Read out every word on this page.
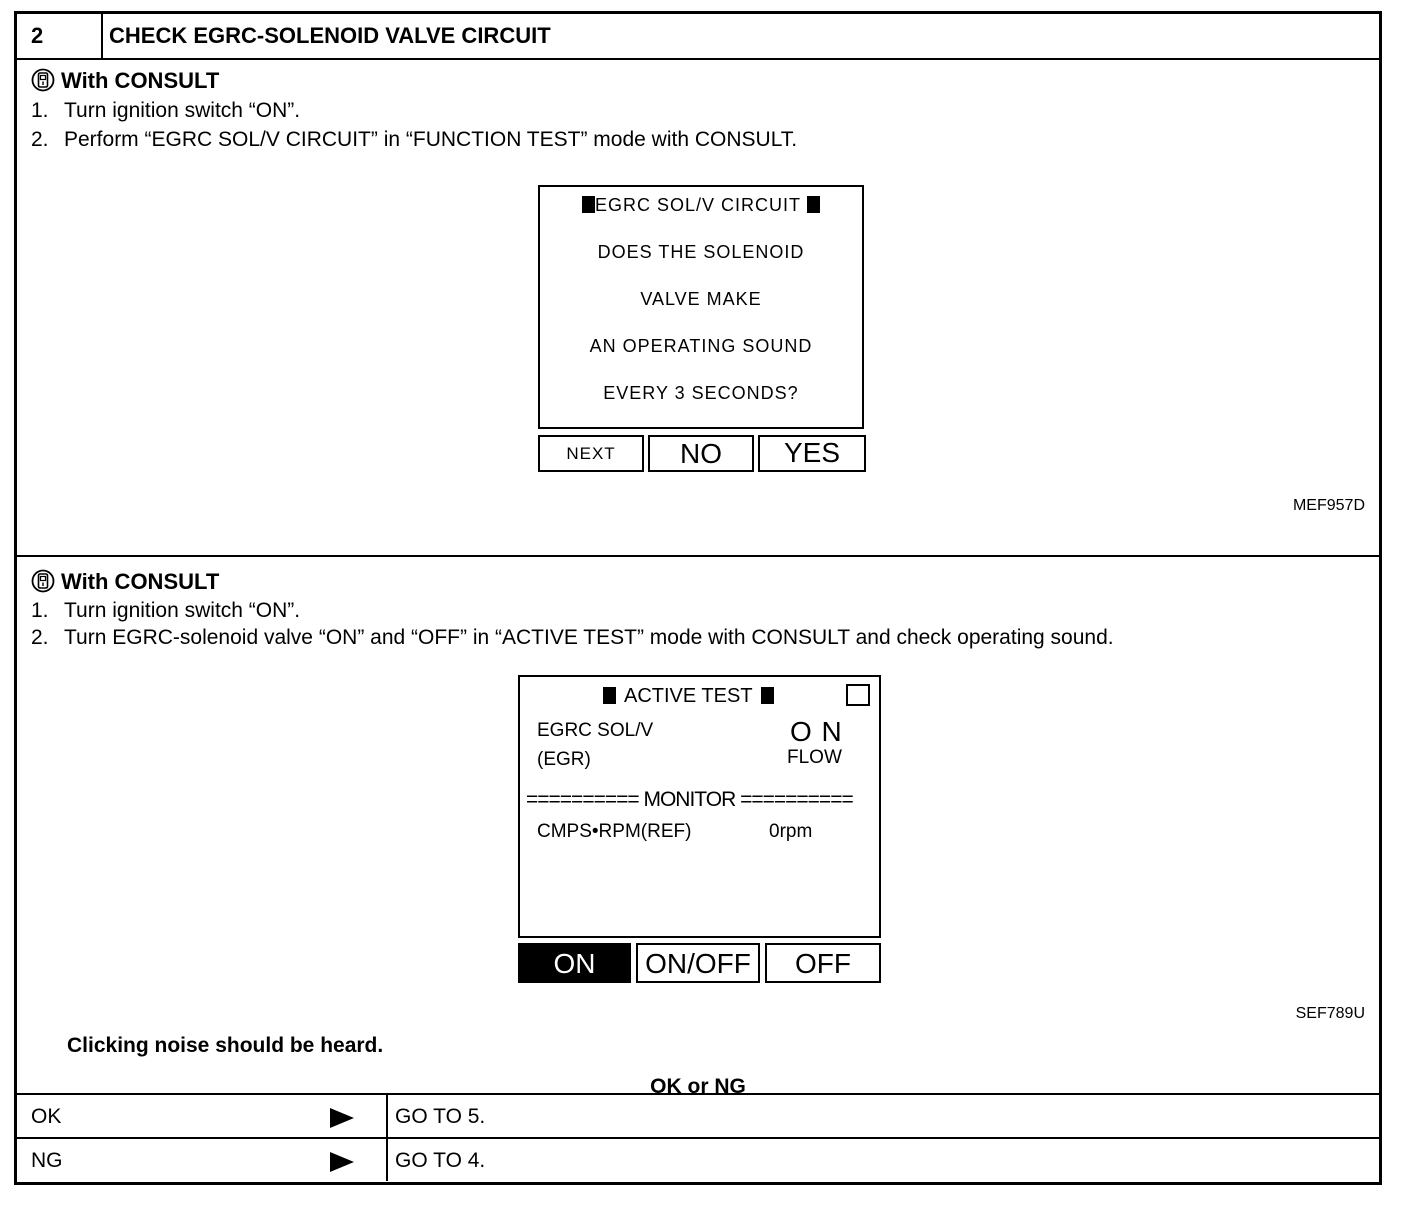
2	CHECK EGRC-SOLENOID VALVE CIRCUIT
With CONSULT
1. Turn ignition switch “ON”.
2. Perform “EGRC SOL/V CIRCUIT” in “FUNCTION TEST” mode with CONSULT.
EGRC SOL/V CIRCUIT
DOES THE SOLENOID
VALVE MAKE
AN OPERATING SOUND
EVERY 3 SECONDS?
NEXT	NO	YES
MEF957D
With CONSULT
1. Turn ignition switch “ON”.
2. Turn EGRC-solenoid valve “ON” and “OFF” in “ACTIVE TEST” mode with CONSULT and check operating sound.
ACTIVE TEST
EGRC SOL/V
(EGR)
O N
FLOW
========== MONITOR ==========
CMPS•RPM(REF)	0rpm
ON	ON/OFF	OFF
SEF789U
Clicking noise should be heard.
OK or NG
OK	GO TO 5.
NG	GO TO 4.
